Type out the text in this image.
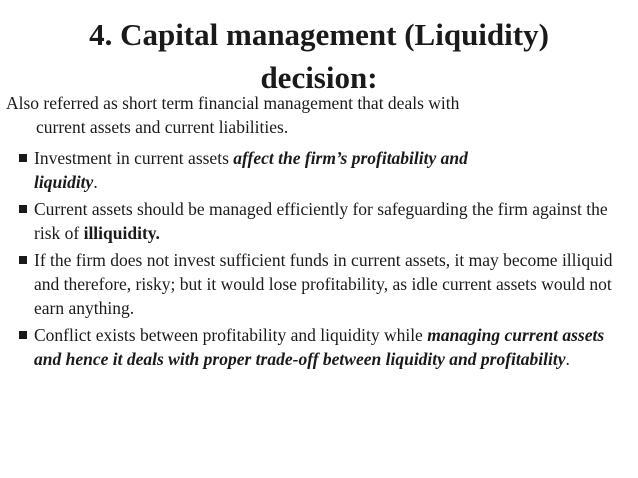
4. Capital management (Liquidity)
decision:

Also referred as short term financial management that deals with
current assets and current liabilities.

Investment in current assets affect the firm’s profitability and
liquidity.
Current assets should be managed efficiently for safeguarding the firm against the risk of illiquidity.
If the firm does not invest sufficient funds in current assets, it may become illiquid and therefore, risky; but it would lose profitability, as idle current assets would not earn anything.
Conflict exists between profitability and liquidity while managing current assets and hence it deals with proper trade-off between liquidity and profitability.
